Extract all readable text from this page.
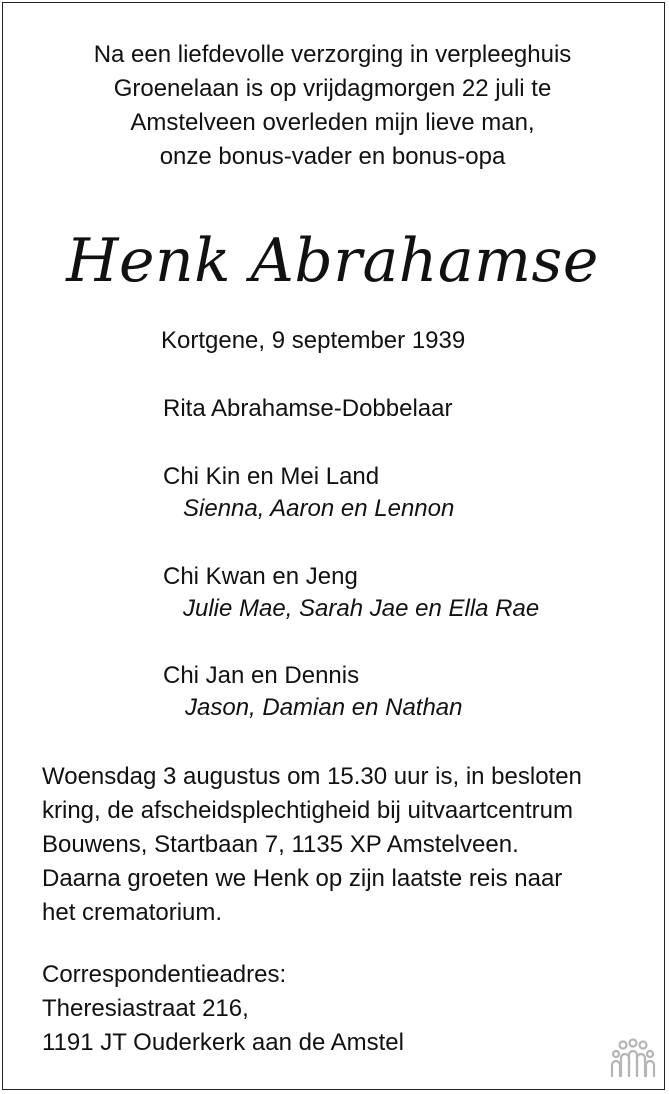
Na een liefdevolle verzorging in verpleeghuis
Groenelaan is op vrijdagmorgen 22 juli te
Amstelveen overleden mijn lieve man,
onze bonus-vader en bonus-opa
Henk Abrahamse
Kortgene, 9 september 1939
Rita Abrahamse-Dobbelaar
Chi Kin en Mei Land
Sienna, Aaron en Lennon
Chi Kwan en Jeng
Julie Mae, Sarah Jae en Ella Rae
Chi Jan en Dennis
Jason, Damian en Nathan
Woensdag 3 augustus om 15.30 uur is, in besloten
kring, de afscheidsplechtigheid bij uitvaartcentrum
Bouwens, Startbaan 7, 1135 XP Amstelveen.
Daarna groeten we Henk op zijn laatste reis naar
het crematorium.
Correspondentieadres:
Theresiastraat 216,
1191 JT Ouderkerk aan de Amstel
